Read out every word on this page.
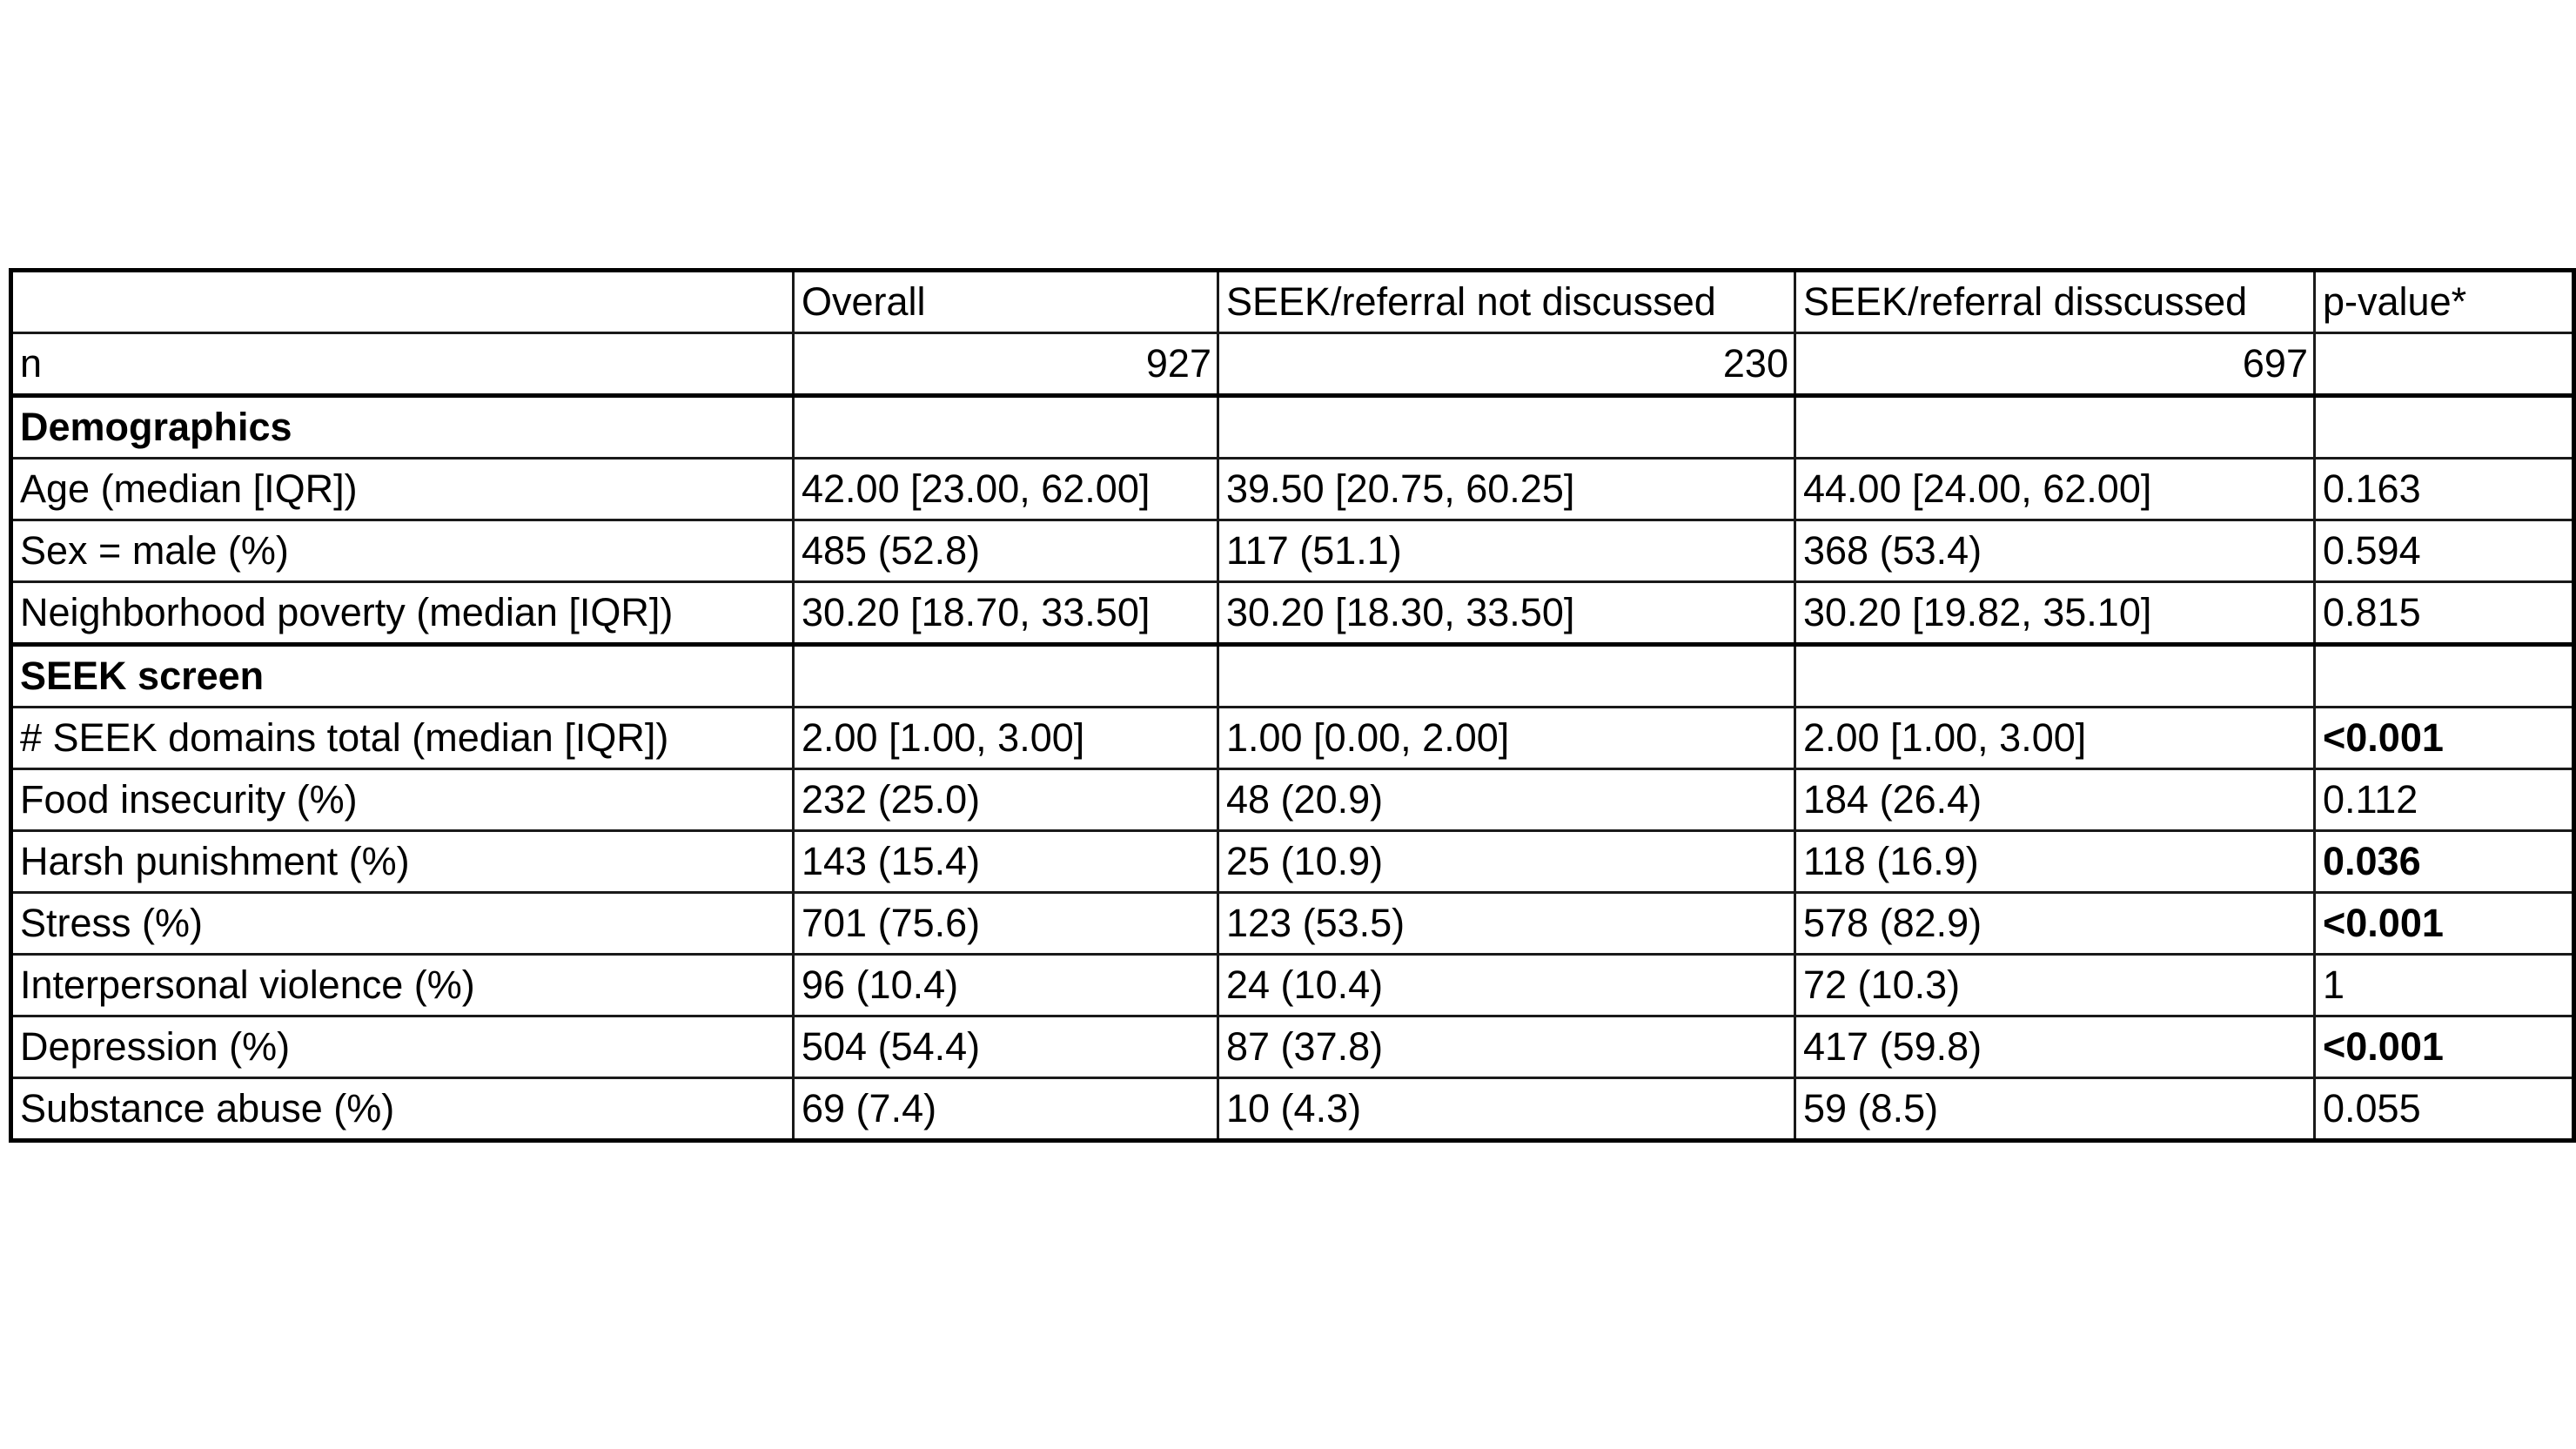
	Overall	SEEK/referral not discussed	SEEK/referral disscussed	p-value*
n	927	230	697	
Demographics				
Age (median [IQR])	42.00 [23.00, 62.00]	39.50 [20.75, 60.25]	44.00 [24.00, 62.00]	0.163
Sex = male (%)	485 (52.8)	117 (51.1)	368 (53.4)	0.594
Neighborhood poverty (median [IQR])	30.20 [18.70, 33.50]	30.20 [18.30, 33.50]	30.20 [19.82, 35.10]	0.815
SEEK screen				
# SEEK domains total (median [IQR])	2.00 [1.00, 3.00]	1.00 [0.00, 2.00]	2.00 [1.00, 3.00]	<0.001
Food insecurity (%)	232 (25.0)	48 (20.9)	184 (26.4)	0.112
Harsh punishment (%)	143 (15.4)	25 (10.9)	118 (16.9)	0.036
Stress (%)	701 (75.6)	123 (53.5)	578 (82.9)	<0.001
Interpersonal violence (%)	96 (10.4)	24 (10.4)	72 (10.3)	1
Depression (%)	504 (54.4)	87 (37.8)	417 (59.8)	<0.001
Substance abuse (%)	69 (7.4)	10 (4.3)	59 (8.5)	0.055
